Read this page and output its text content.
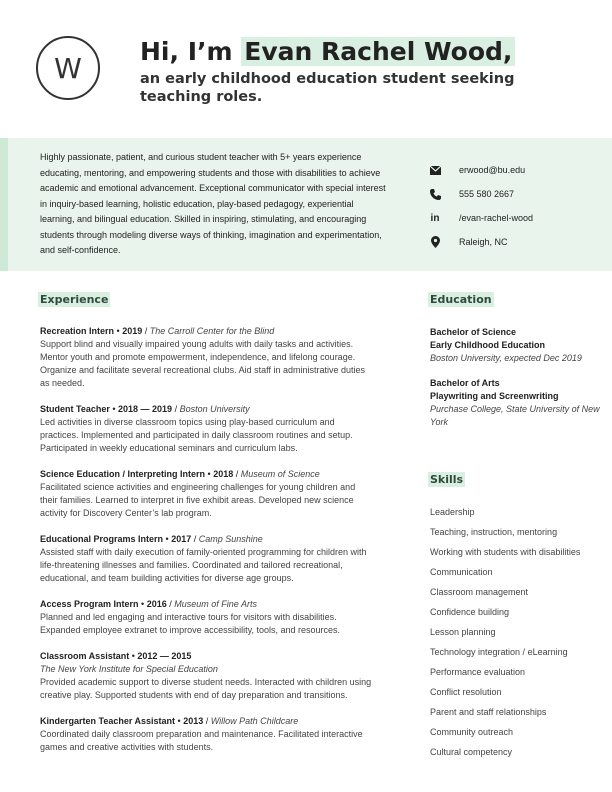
W Hi, I’m Evan Rachel Wood,
an early childhood education student seeking teaching roles.
Highly passionate, patient, and curious student teacher with 5+ years experience educating, mentoring, and empowering students and those with disabilities to achieve academic and emotional advancement. Exceptional communicator with special interest in inquiry-based learning, holistic education, play-based pedagogy, experiential learning, and bilingual education. Skilled in inspiring, stimulating, and encouraging students through modeling diverse ways of thinking, imagination and experimentation, and self-confidence.
erwood@bu.edu
555 580 2667
in /evan-rachel-wood
Raleigh, NC
Experience	Education
Skills
Recreation Intern • 2019 / The Carroll Center for the Blind
Support blind and visually impaired young adults with daily tasks and activities. Mentor youth and promote empowerment, independence, and lifelong courage. Organize and facilitate several recreational clubs. Aid staff in administrative duties as needed.
Student Teacher • 2018 — 2019 / Boston University
Led activities in diverse classroom topics using play-based curriculum and practices. Implemented and participated in daily classroom routines and setup. Participated in weekly educational seminars and curriculum labs.
Science Education / Interpreting Intern • 2018 / Museum of Science
Facilitated science activities and engineering challenges for young children and their families. Learned to interpret in five exhibit areas. Developed new science activity for Discovery Center’s lab program.
Educational Programs Intern • 2017 / Camp Sunshine
Assisted staff with daily execution of family-oriented programming for children with life-threatening illnesses and families. Coordinated and tailored recreational, educational, and team building activities for diverse age groups.
Access Program Intern • 2016 / Museum of Fine Arts
Planned and led engaging and interactive tours for visitors with disabilities. Expanded employee extranet to improve accessibility, tools, and resources.
Classroom Assistant • 2012 — 2015
The New York Institute for Special Education
Provided academic support to diverse student needs. Interacted with children using creative play. Supported students with end of day preparation and transitions.
Kindergarten Teacher Assistant • 2013 / Willow Path Childcare
Coordinated daily classroom preparation and maintenance. Facilitated interactive games and creative activities with students.
Bachelor of Science
Early Childhood Education
Boston University, expected Dec 2019
Bachelor of Arts
Playwriting and Screenwriting
Purchase College, State University of New York
Leadership
Teaching, instruction, mentoring
Working with students with disabilities
Communication
Classroom management
Confidence building
Lesson planning
Technology integration / eLearning
Performance evaluation
Conflict resolution
Parent and staff relationships
Community outreach
Cultural competency
